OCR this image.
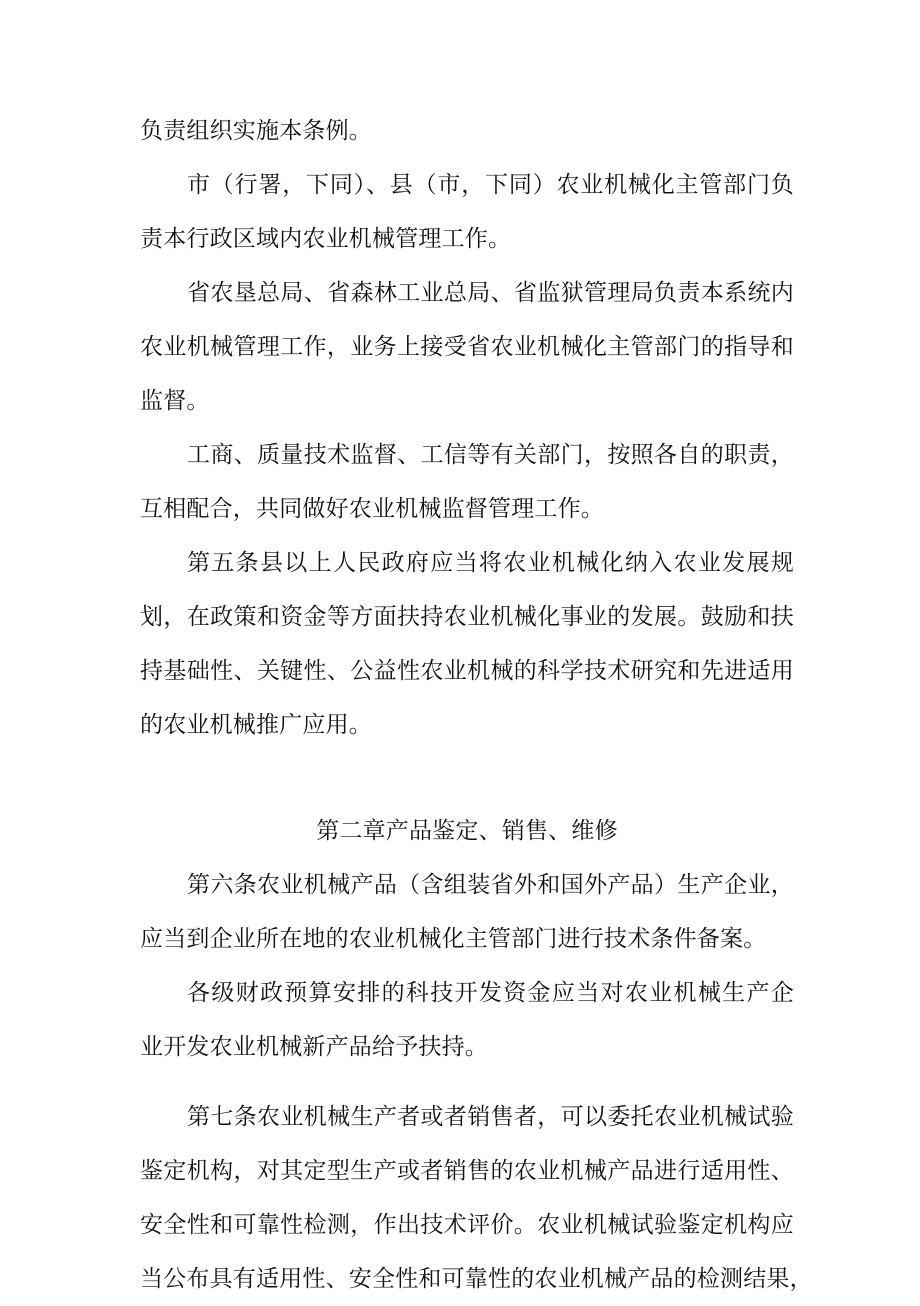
负责组织实施本条例。
市（行署，下同）、县（市，下同）农业机械化主管部门负
责本行政区域内农业机械管理工作。
省农垦总局、省森林工业总局、省监狱管理局负责本系统内
农业机械管理工作，业务上接受省农业机械化主管部门的指导和
监督。
工商、质量技术监督、工信等有关部门，按照各自的职责，
互相配合，共同做好农业机械监督管理工作。
第五条县以上人民政府应当将农业机械化纳入农业发展规
划，在政策和资金等方面扶持农业机械化事业的发展。鼓励和扶
持基础性、关键性、公益性农业机械的科学技术研究和先进适用
的农业机械推广应用。
第二章产品鉴定、销售、维修
第六条农业机械产品（含组装省外和国外产品）生产企业，
应当到企业所在地的农业机械化主管部门进行技术条件备案。
各级财政预算安排的科技开发资金应当对农业机械生产企
业开发农业机械新产品给予扶持。
第七条农业机械生产者或者销售者，可以委托农业机械试验
鉴定机构，对其定型生产或者销售的农业机械产品进行适用性、
安全性和可靠性检测，作出技术评价。农业机械试验鉴定机构应
当公布具有适用性、安全性和可靠性的农业机械产品的检测结果，
